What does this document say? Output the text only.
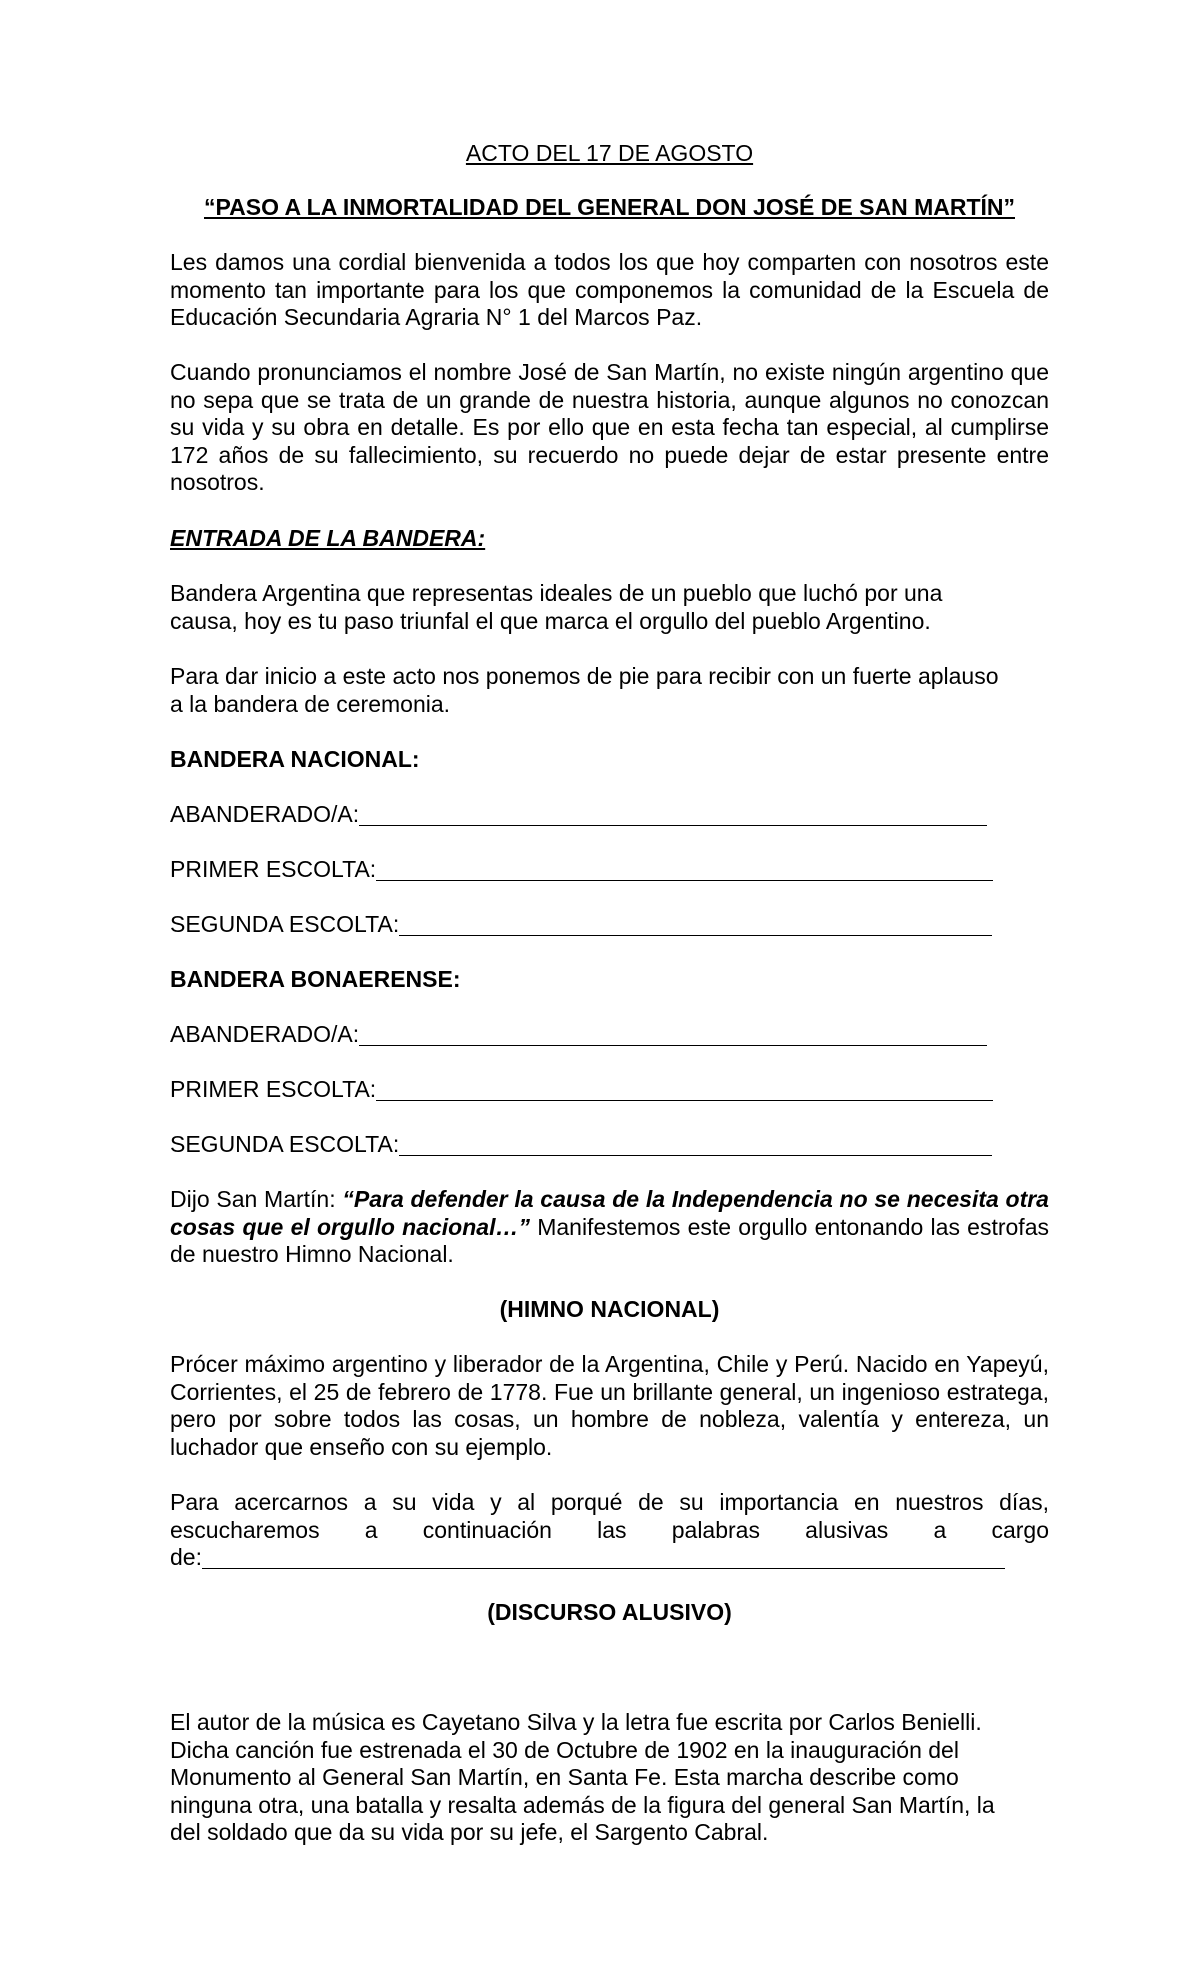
ACTO DEL 17 DE AGOSTO
“PASO A LA INMORTALIDAD DEL GENERAL DON JOSÉ DE SAN MARTÍN”

Les damos una cordial bienvenida a todos los que hoy comparten con nosotros este momento tan importante para los que componemos la comunidad de la Escuela de Educación Secundaria Agraria N° 1 del Marcos Paz.

Cuando pronunciamos el nombre José de San Martín, no existe ningún argentino que no sepa que se trata de un grande de nuestra historia, aunque algunos no conozcan su vida y su obra en detalle. Es por ello que en esta fecha tan especial, al cumplirse 172 años de su fallecimiento, su recuerdo no puede dejar de estar presente entre nosotros.

ENTRADA DE LA BANDERA:

Bandera Argentina que representas ideales de un pueblo que luchó por una
causa, hoy es tu paso triunfal el que marca el orgullo del pueblo Argentino.

Para dar inicio a este acto nos ponemos de pie para recibir con un fuerte aplauso
a la bandera de ceremonia.

BANDERA NACIONAL:

ABANDERADO/A:
PRIMER ESCOLTA:
SEGUNDA ESCOLTA:

BANDERA BONAERENSE:

ABANDERADO/A:
PRIMER ESCOLTA:
SEGUNDA ESCOLTA:

Dijo San Martín: “Para defender la causa de la Independencia no se necesita otra cosas que el orgullo nacional…” Manifestemos este orgullo entonando las estrofas de nuestro Himno Nacional.

(HIMNO NACIONAL)

Prócer máximo argentino y liberador de la Argentina, Chile y Perú. Nacido en Yapeyú, Corrientes, el 25 de febrero de 1778. Fue un brillante general, un ingenioso estratega, pero por sobre todos las cosas, un hombre de nobleza, valentía y entereza, un luchador que enseño con su ejemplo.

Para acercarnos a su vida y al porqué de su importancia en nuestros días, escucharemos a continuación las palabras alusivas a cargo

de:

(DISCURSO ALUSIVO)

El autor de la música es Cayetano Silva y la letra fue escrita por Carlos Benielli.
Dicha canción fue estrenada el 30 de Octubre de 1902 en la inauguración del
Monumento al General San Martín, en Santa Fe. Esta marcha describe como
ninguna otra, una batalla y resalta además de la figura del general San Martín, la
del soldado que da su vida por su jefe, el Sargento Cabral.
